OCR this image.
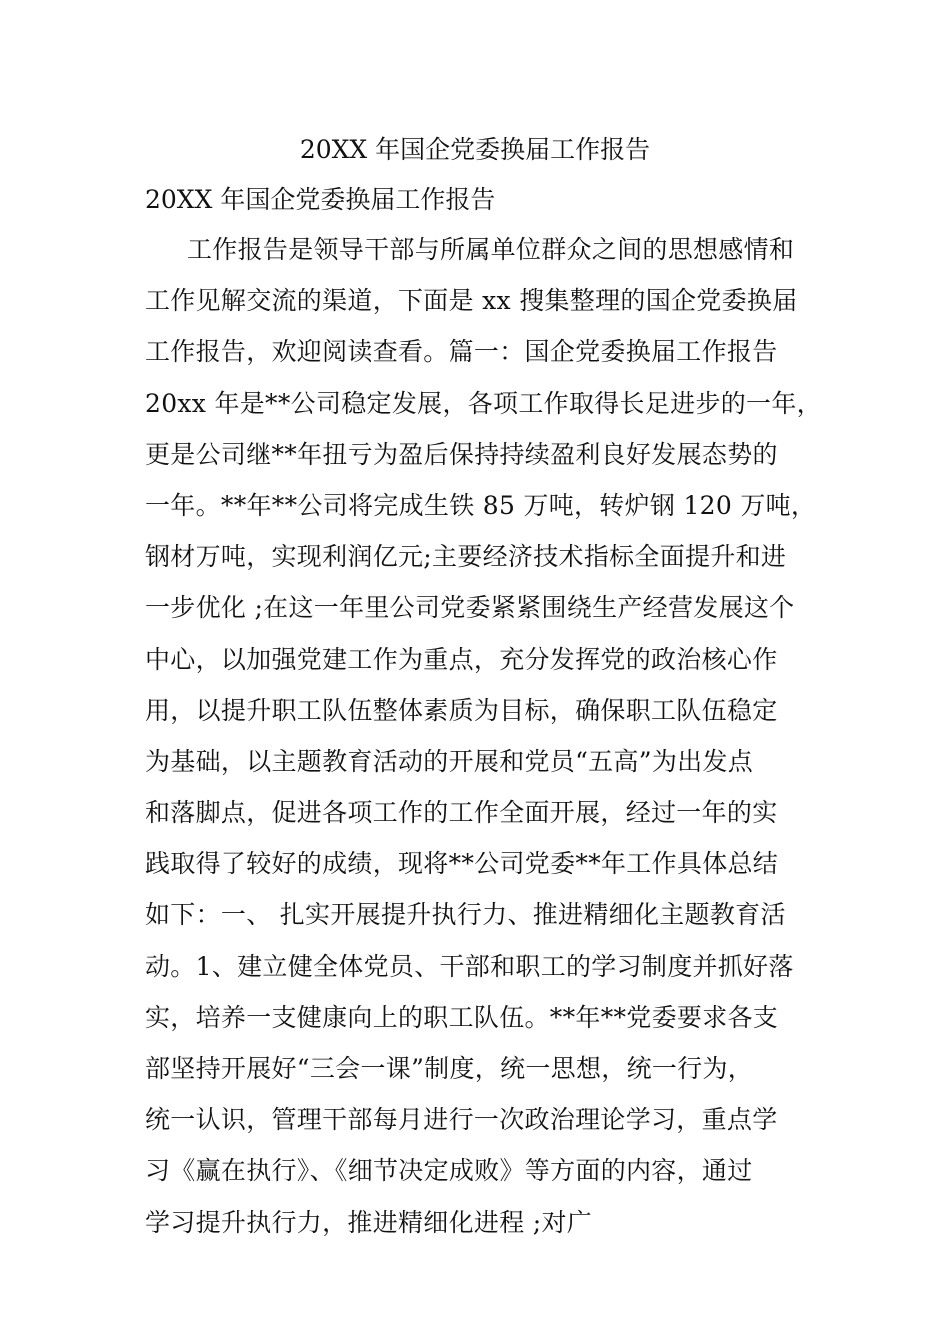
20XX 年国企党委换届工作报告
20XX 年国企党委换届工作报告
工作报告是领导干部与所属单位群众之间的思想感情和
工作见解交流的渠道，下面是 xx 搜集整理的国企党委换届
工作报告，欢迎阅读查看。篇一：国企党委换届工作报告
20xx 年是**公司稳定发展，各项工作取得长足进步的一年，
更是公司继**年扭亏为盈后保持持续盈利良好发展态势的
一年。**年**公司将完成生铁 85 万吨，转炉钢 120 万吨，
钢材万吨，实现利润亿元;主要经济技术指标全面提升和进
一步优化 ;在这一年里公司党委紧紧围绕生产经营发展这个
中心，以加强党建工作为重点，充分发挥党的政治核心作
用，以提升职工队伍整体素质为目标，确保职工队伍稳定
为基础，以主题教育活动的开展和党员“五高”为出发点
和落脚点，促进各项工作的工作全面开展，经过一年的实
践取得了较好的成绩，现将**公司党委**年工作具体总结
如下：一、 扎实开展提升执行力、推进精细化主题教育活
动。1、建立健全体党员、干部和职工的学习制度并抓好落
实，培养一支健康向上的职工队伍。**年**党委要求各支
部坚持开展好“三会一课”制度，统一思想，统一行为，
统一认识，管理干部每月进行一次政治理论学习，重点学
习《赢在执行》、《细节决定成败》等方面的内容，通过
学习提升执行力，推进精细化进程 ;对广
